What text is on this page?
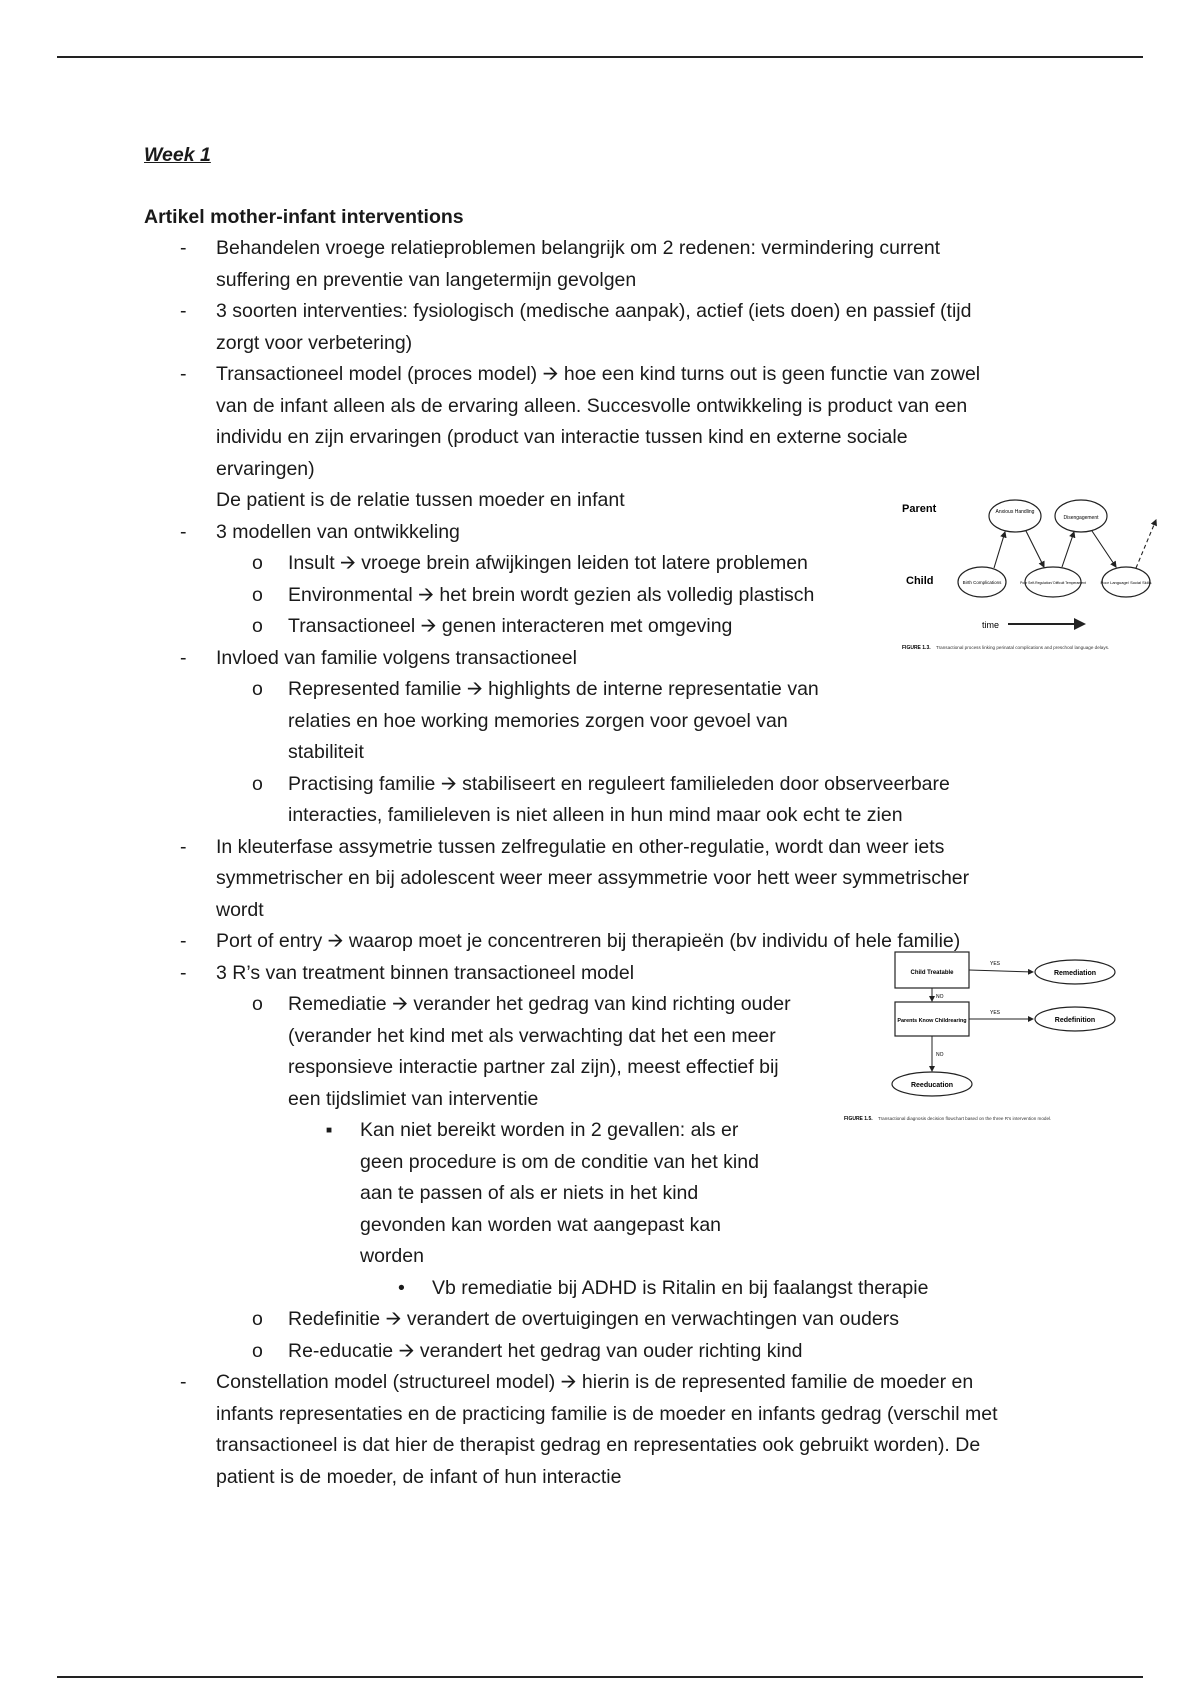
Week 1
Artikel mother-infant interventions
- Behandelen vroege relatieproblemen belangrijk om 2 redenen: vermindering current suffering en preventie van langetermijn gevolgen
- 3 soorten interventies: fysiologisch (medische aanpak), actief (iets doen) en passief (tijd zorgt voor verbetering)
- Transactioneel model (proces model) 🡪 hoe een kind turns out is geen functie van zowel van de infant alleen als de ervaring alleen. Succesvolle ontwikkeling is product van een individu en zijn ervaringen (product van interactie tussen kind en externe sociale ervaringen)
De patient is de relatie tussen moeder en infant
- 3 modellen van ontwikkeling
o Insult 🡪 vroege brein afwijkingen leiden tot latere problemen
o Environmental 🡪 het brein wordt gezien als volledig plastisch
o Transactioneel 🡪 genen interacteren met omgeving
- Invloed van familie volgens transactioneel
o Represented familie 🡪 highlights de interne representatie van relaties en hoe working memories zorgen voor gevoel van stabiliteit
o Practising familie 🡪 stabiliseert en reguleert familieleden door observeerbare interacties, familieleven is niet alleen in hun mind maar ook echt te zien
- In kleuterfase assymetrie tussen zelfregulatie en other-regulatie, wordt dan weer iets symmetrischer en bij adolescent weer meer assymmetrie voor hett weer symmetrischer wordt
- Port of entry 🡪 waarop moet je concentreren bij therapieën (bv individu of hele familie)
- 3 R’s van treatment binnen transactioneel model
o Remediatie 🡪 verander het gedrag van kind richting ouder (verander het kind met als verwachting dat het een meer responsieve interactie partner zal zijn), meest effectief bij een tijdslimiet van interventie
■ Kan niet bereikt worden in 2 gevallen: als er geen procedure is om de conditie van het kind aan te passen of als er niets in het kind gevonden kan worden wat aangepast kan worden
• Vb remediatie bij ADHD is Ritalin en bij faalangst therapie
o Redefinitie 🡪 verandert de overtuigingen en verwachtingen van ouders
o Re-educatie 🡪 verandert het gedrag van ouder richting kind
- Constellation model (structureel model) 🡪 hierin is de represented familie de moeder en infants representaties en de practicing familie is de moeder en infants gedrag (verschil met transactioneel is dat hier de therapist gedrag en representaties ook gebruikt worden). De patient is de moeder, de infant of hun interactie
Parent
Child
Anxious Handling
Disengagement
Birth Complications	Poor Self-Regulation/ Difficult Temperament	Poor Language/ Social Skills
time
FIGURE 1.3. Transactional process linking perinatal complications and preschool language delays.
Child Treatable
Parents Know Childrearing
Remediation
Redefinition
Reeducation
YES
NO
YES
NO
FIGURE 1.5. Transactional diagnosis decision flowchart based on the three R's intervention model.
